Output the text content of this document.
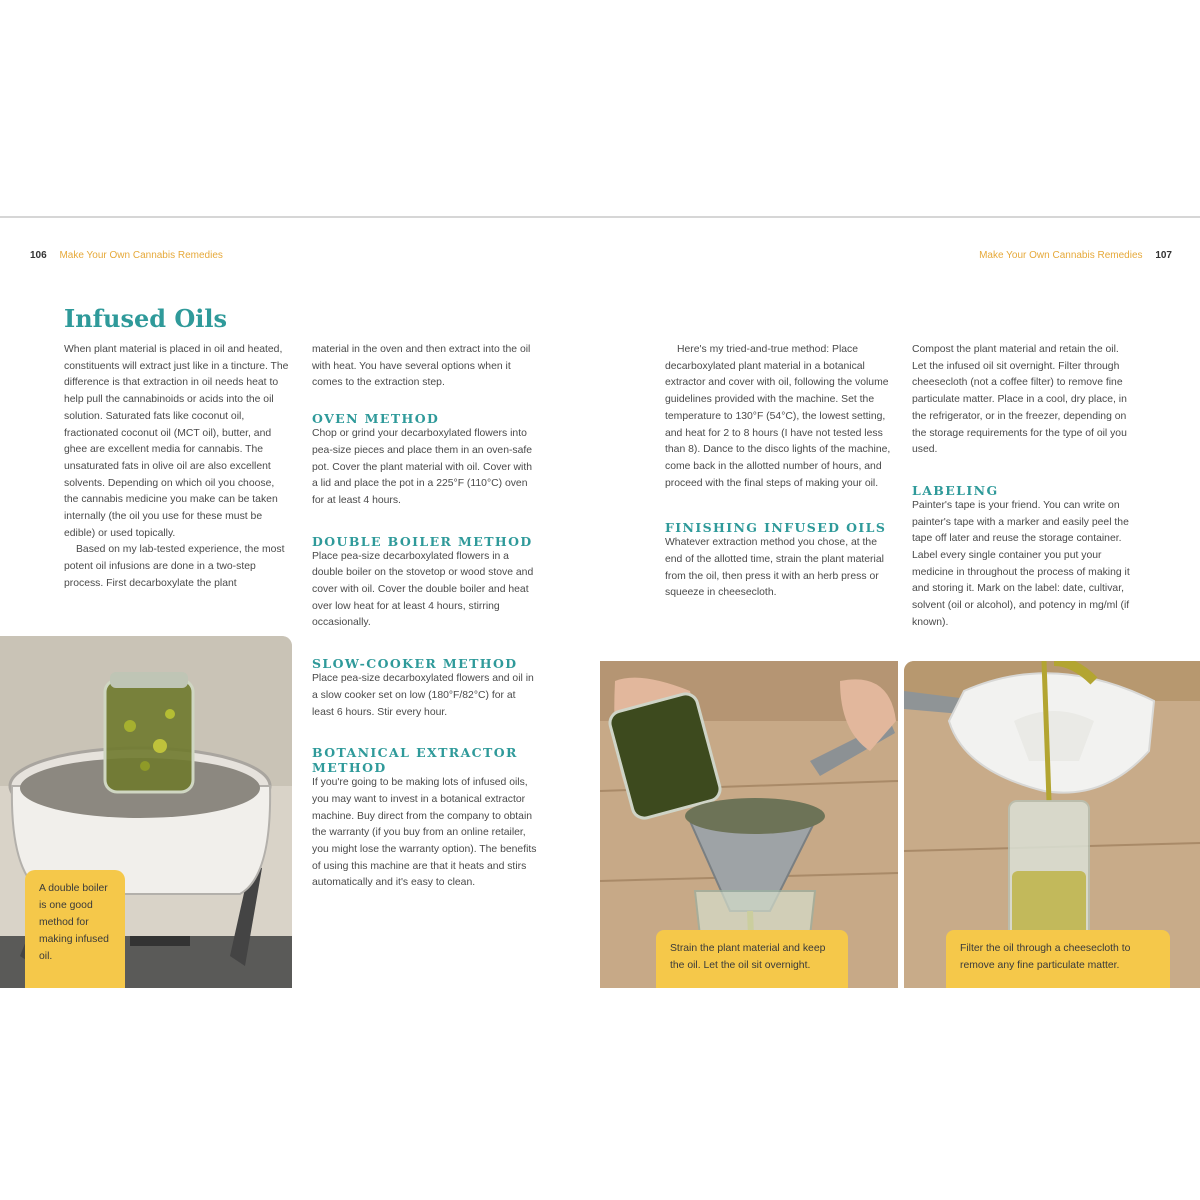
106 Make Your Own Cannabis Remedies	Make Your Own Cannabis Remedies 107
Infused Oils

When plant material is placed in oil and heated, constituents will extract just like in a tincture. The difference is that extraction in oil needs heat to help pull the cannabinoids or acids into the oil solution. Saturated fats like coconut oil, fractionated coconut oil (MCT oil), butter, and ghee are excellent media for cannabis. The unsaturated fats in olive oil are also excellent solvents. Depending on which oil you choose, the cannabis medicine you make can be taken internally (the oil you use for these must be edible) or used topically.

Based on my lab-tested experience, the most potent oil infusions are done in a two-step process. First decarboxylate the plant

material in the oven and then extract into the oil with heat. You have several options when it comes to the extraction step.

OVEN METHOD

Chop or grind your decarboxylated flowers into pea-size pieces and place them in an oven-safe pot. Cover the plant material with oil. Cover with a lid and place the pot in a 225°F (110°C) oven for at least 4 hours.

DOUBLE BOILER METHOD

Place pea-size decarboxylated flowers in a double boiler on the stovetop or wood stove and cover with oil. Cover the double boiler and heat over low heat for at least 4 hours, stirring occasionally.

SLOW-COOKER METHOD

Place pea-size decarboxylated flowers and oil in a slow cooker set on low (180°F/82°C) for at least 6 hours. Stir every hour.

BOTANICAL EXTRACTOR METHOD

If you're going to be making lots of infused oils, you may want to invest in a botanical extractor machine. Buy direct from the company to obtain the warranty (if you buy from an online retailer, you might lose the warranty option). The benefits of using this machine are that it heats and stirs automatically and it's easy to clean.

Here's my tried-and-true method: Place decarboxylated plant material in a botanical extractor and cover with oil, following the volume guidelines provided with the machine. Set the temperature to 130°F (54°C), the lowest setting, and heat for 2 to 8 hours (I have not tested less than 8). Dance to the disco lights of the machine, come back in the allotted number of hours, and proceed with the final steps of making your oil.

FINISHING INFUSED OILS

Whatever extraction method you chose, at the end of the allotted time, strain the plant material from the oil, then press it with an herb press or squeeze in cheesecloth.

Compost the plant material and retain the oil. Let the infused oil sit overnight. Filter through cheesecloth (not a coffee filter) to remove fine particulate matter. Place in a cool, dry place, in the refrigerator, or in the freezer, depending on the storage requirements for the type of oil you used.

LABELING

Painter's tape is your friend. You can write on painter's tape with a marker and easily peel the tape off later and reuse the storage container. Label every single container you put your medicine in throughout the process of making it and storing it. Mark on the label: date, cultivar, solvent (oil or alcohol), and potency in mg/ml (if known).

A double boiler is one good method for making infused oil.
Strain the plant material and keep the oil. Let the oil sit overnight.
Filter the oil through a cheesecloth to remove any fine particulate matter.
